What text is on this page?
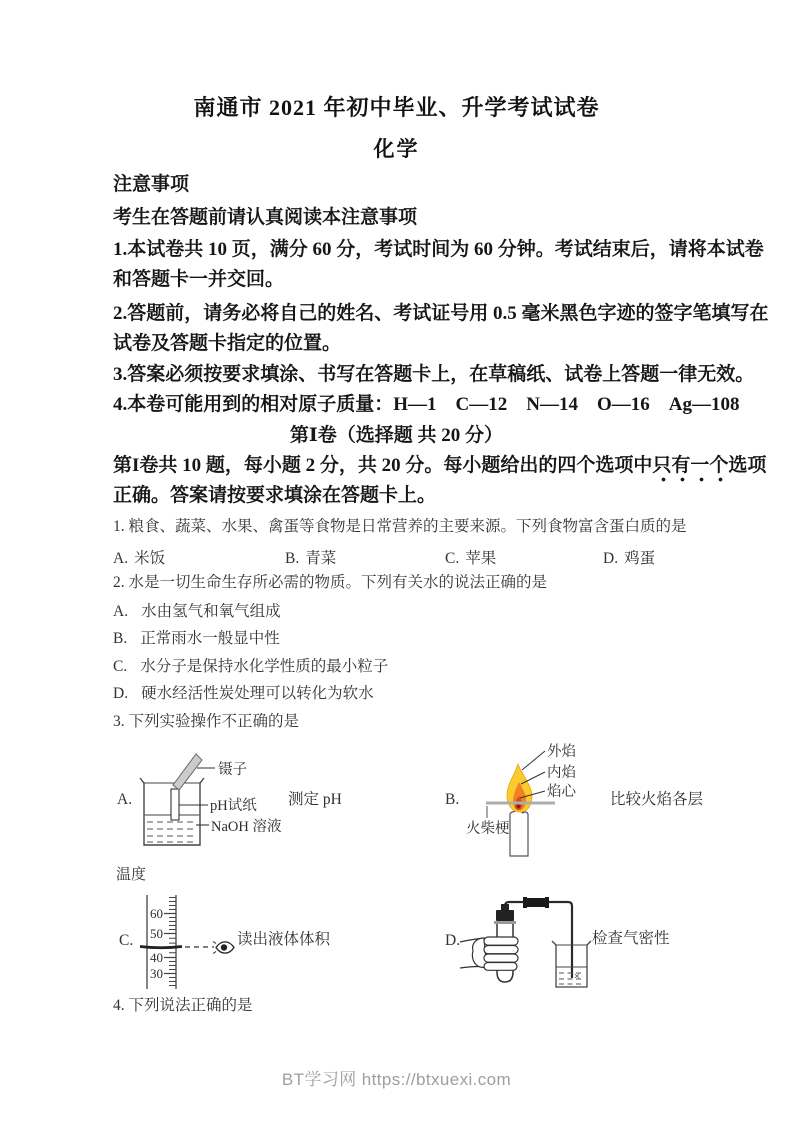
南通市 2021 年初中毕业、升学考试试卷
化学
注意事项
考生在答题前请认真阅读本注意事项
1.本试卷共 10 页，满分 60 分，考试时间为 60 分钟。考试结束后，请将本试卷
和答题卡一并交回。
2.答题前，请务必将自己的姓名、考试证号用 0.5 毫米黑色字迹的签字笔填写在
试卷及答题卡指定的位置。
3.答案必须按要求填涂、书写在答题卡上，在草稿纸、试卷上答题一律无效。
4.本卷可能用到的相对原子质量：H—1　C—12　N—14　O—16　Ag—108
第Ⅰ卷（选择题 共 20 分）
第I卷共 10 题，每小题 2 分，共 20 分。每小题给出的四个选项中只有一个选项
正确。答案请按要求填涂在答题卡上。
1. 粮食、蔬菜、水果、禽蛋等食物是日常营养的主要来源。下列食物富含蛋白质的是
A. 米饭	B. 青菜	C. 苹果	D. 鸡蛋
2. 水是一切生命生存所必需的物质。下列有关水的说法正确的是
A. 水由氢气和氧气组成
B. 正常雨水一般显中性
C. 水分子是保持水化学性质的最小粒子
D. 硬水经活性炭处理可以转化为软水
3. 下列实验操作不正确的是
A.
镊子
pH试纸
NaOH 溶液
测定 pH	B.
火柴梗
外焰
内焰
焰心 比较火焰各层
温度
C.
60
50
40
30
读出液体体积	D.	检查气密性
4. 下列说法正确的是
BT学习网 https://btxuexi.com
